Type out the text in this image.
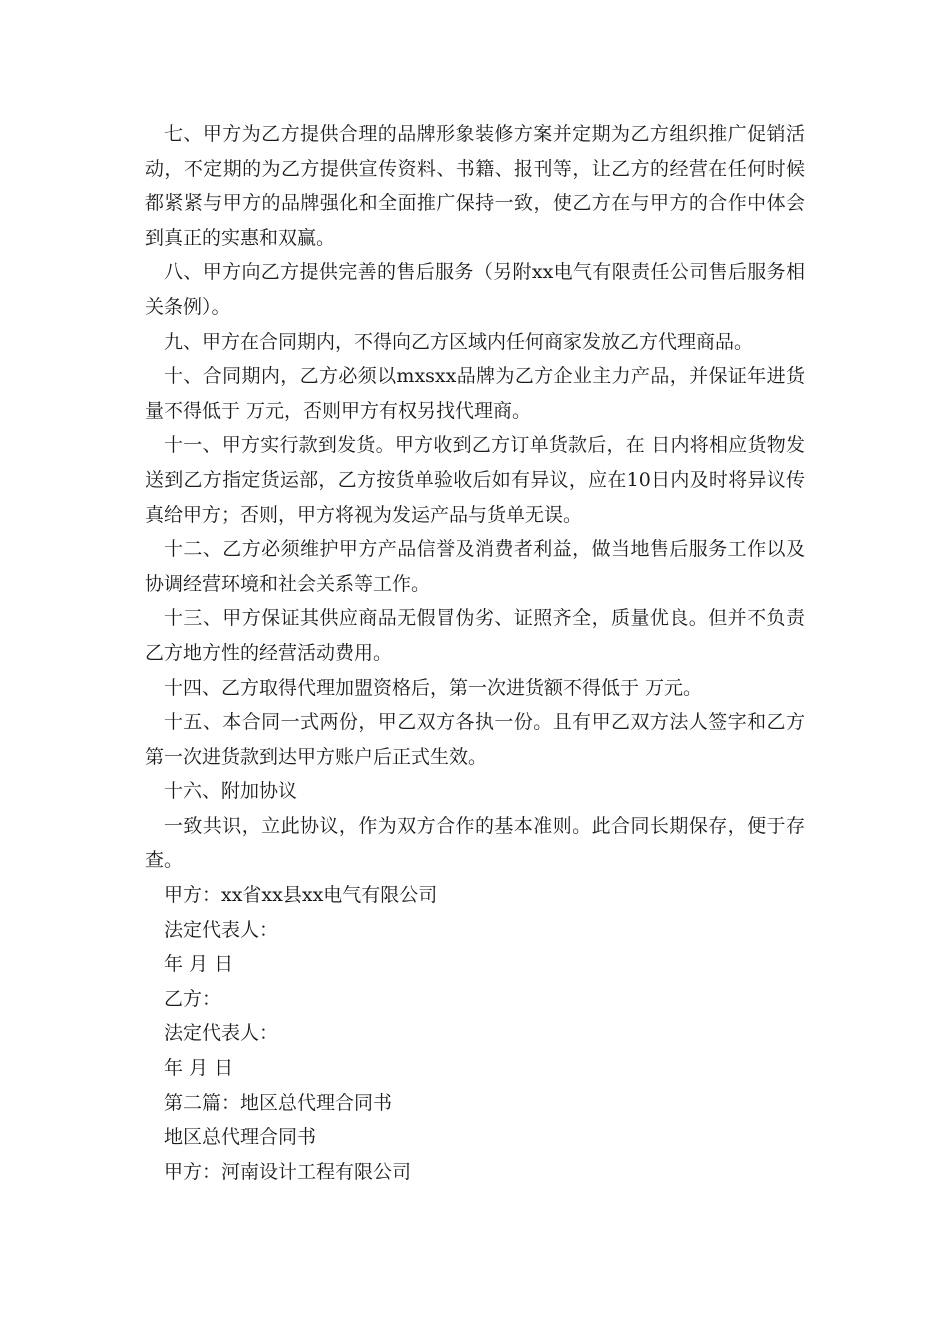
七、甲方为乙方提供合理的品牌形象装修方案并定期为乙方组织推广促销活动，不定期的为乙方提供宣传资料、书籍、报刊等，让乙方的经营在任何时候都紧紧与甲方的品牌强化和全面推广保持一致，使乙方在与甲方的合作中体会到真正的实惠和双赢。

八、甲方向乙方提供完善的售后服务（另附xx电气有限责任公司售后服务相关条例）。

九、甲方在合同期内，不得向乙方区域内任何商家发放乙方代理商品。

十、合同期内，乙方必须以mxsxx品牌为乙方企业主力产品，并保证年进货量不得低于 万元，否则甲方有权另找代理商。

十一、甲方实行款到发货。甲方收到乙方订单货款后，在 日内将相应货物发送到乙方指定货运部，乙方按货单验收后如有异议，应在10日内及时将异议传真给甲方；否则，甲方将视为发运产品与货单无误。

十二、乙方必须维护甲方产品信誉及消费者利益，做当地售后服务工作以及协调经营环境和社会关系等工作。

十三、甲方保证其供应商品无假冒伪劣、证照齐全，质量优良。但并不负责乙方地方性的经营活动费用。

十四、乙方取得代理加盟资格后，第一次进货额不得低于 万元。

十五、本合同一式两份，甲乙双方各执一份。且有甲乙双方法人签字和乙方第一次进货款到达甲方账户后正式生效。

十六、附加协议

一致共识，立此协议，作为双方合作的基本准则。此合同长期保存，便于存查。

甲方：xx省xx县xx电气有限公司

法定代表人：

年 月 日

乙方：

法定代表人：

年 月 日

第二篇：地区总代理合同书

地区总代理合同书

甲方：河南设计工程有限公司
